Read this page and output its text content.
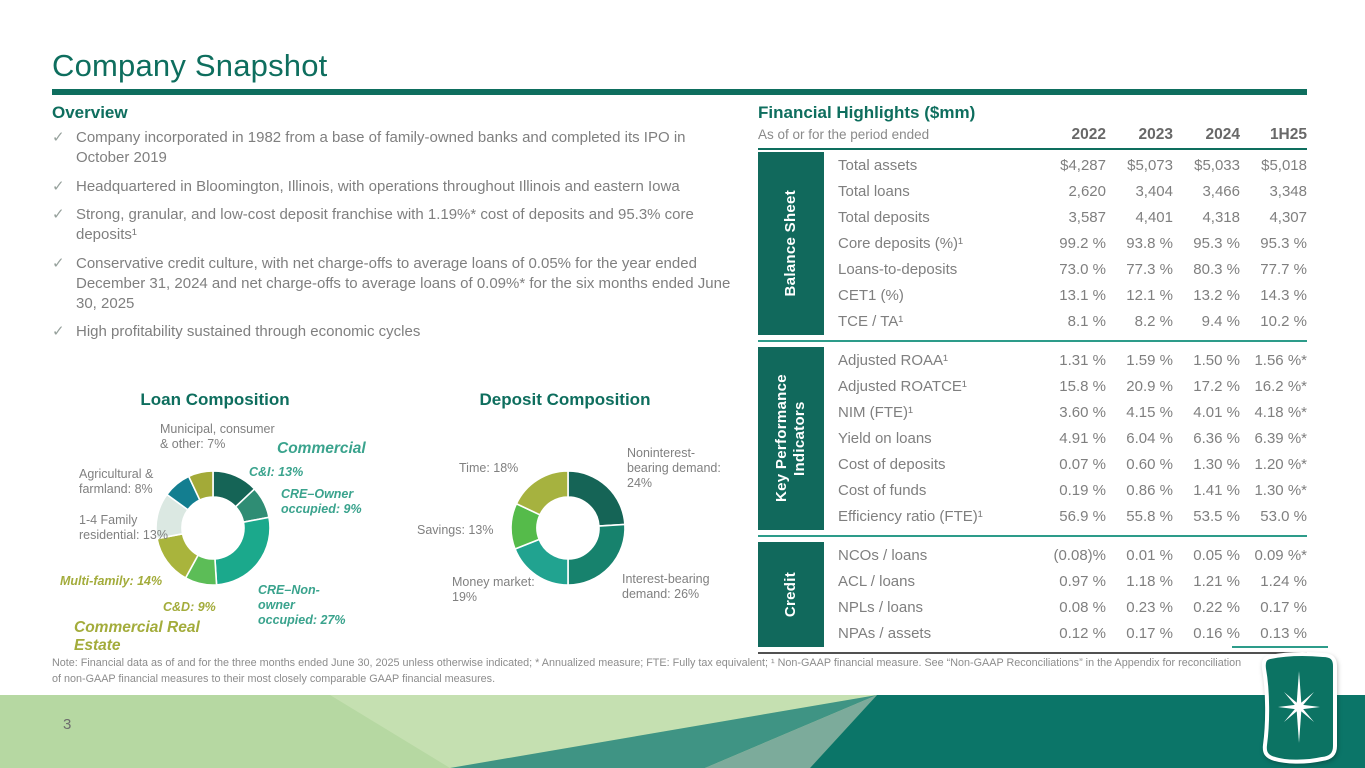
Company Snapshot
Overview
✓ Company incorporated in 1982 from a base of family-owned banks and completed its IPO in October 2019
✓ Headquartered in Bloomington, Illinois, with operations throughout Illinois and eastern Iowa
✓ Strong, granular, and low-cost deposit franchise with 1.19%* cost of deposits and 95.3% core deposits¹
✓ Conservative credit culture, with net charge-offs to average loans of 0.05% for the year ended December 31, 2024 and net charge-offs to average loans of 0.09%* for the six months ended June 30, 2025
✓ High profitability sustained through economic cycles
Loan Composition
Municipal, consumer & other: 7%	Commercial
Agricultural & farmland: 8%
C&I: 13%
CRE–Owner occupied: 9%
1-4 Family residential: 13%
Multi-family: 14%
C&D: 9%
CRE–Non-owner occupied: 27%
Commercial Real Estate
Deposit Composition
Time: 18%
Noninterest-bearing demand: 24%
Savings: 13%
Money market: 19%
Interest-bearing demand: 26%
Financial Highlights ($mm)
As of or for the period ended	2022	2023	2024	1H25
Balance Sheet
Total assets	$4,287	$5,073	$5,033	$5,018
Total loans	2,620	3,404	3,466	3,348
Total deposits	3,587	4,401	4,318	4,307
Core deposits (%)¹	99.2 %	93.8 %	95.3 %	95.3 %
Loans-to-deposits	73.0 %	77.3 %	80.3 %	77.7 %
CET1 (%)	13.1 %	12.1 %	13.2 %	14.3 %
TCE / TA¹	8.1 %	8.2 %	9.4 %	10.2 %
Key Performance Indicators
Adjusted ROAA¹	1.31 %	1.59 %	1.50 % 1.56 %*
Adjusted ROATCE¹	15.8 %	20.9 %	17.2 % 16.2 %*
NIM (FTE)¹	3.60 %	4.15 %	4.01 % 4.18 %*
Yield on loans	4.91 %	6.04 %	6.36 % 6.39 %*
Cost of deposits	0.07 %	0.60 %	1.30 % 1.20 %*
Cost of funds	0.19 %	0.86 %	1.41 % 1.30 %*
Efficiency ratio (FTE)¹	56.9 %	55.8 %	53.5 %	53.0 %
Credit
NCOs / loans	(0.08)%	0.01 %	0.05 % 0.09 %*
ACL / loans	0.97 %	1.18 %	1.21 %	1.24 %
NPLs / loans	0.08 %	0.23 %	0.22 %	0.17 %
NPAs / assets	0.12 %	0.17 %	0.16 %	0.13 %
Note: Financial data as of and for the three months ended June 30, 2025 unless otherwise indicated; * Annualized measure; FTE: Fully tax equivalent; ¹ Non-GAAP financial measure. See “Non-GAAP Reconciliations” in the Appendix for reconciliation of non-GAAP financial measures to their most closely comparable GAAP financial measures.
3
